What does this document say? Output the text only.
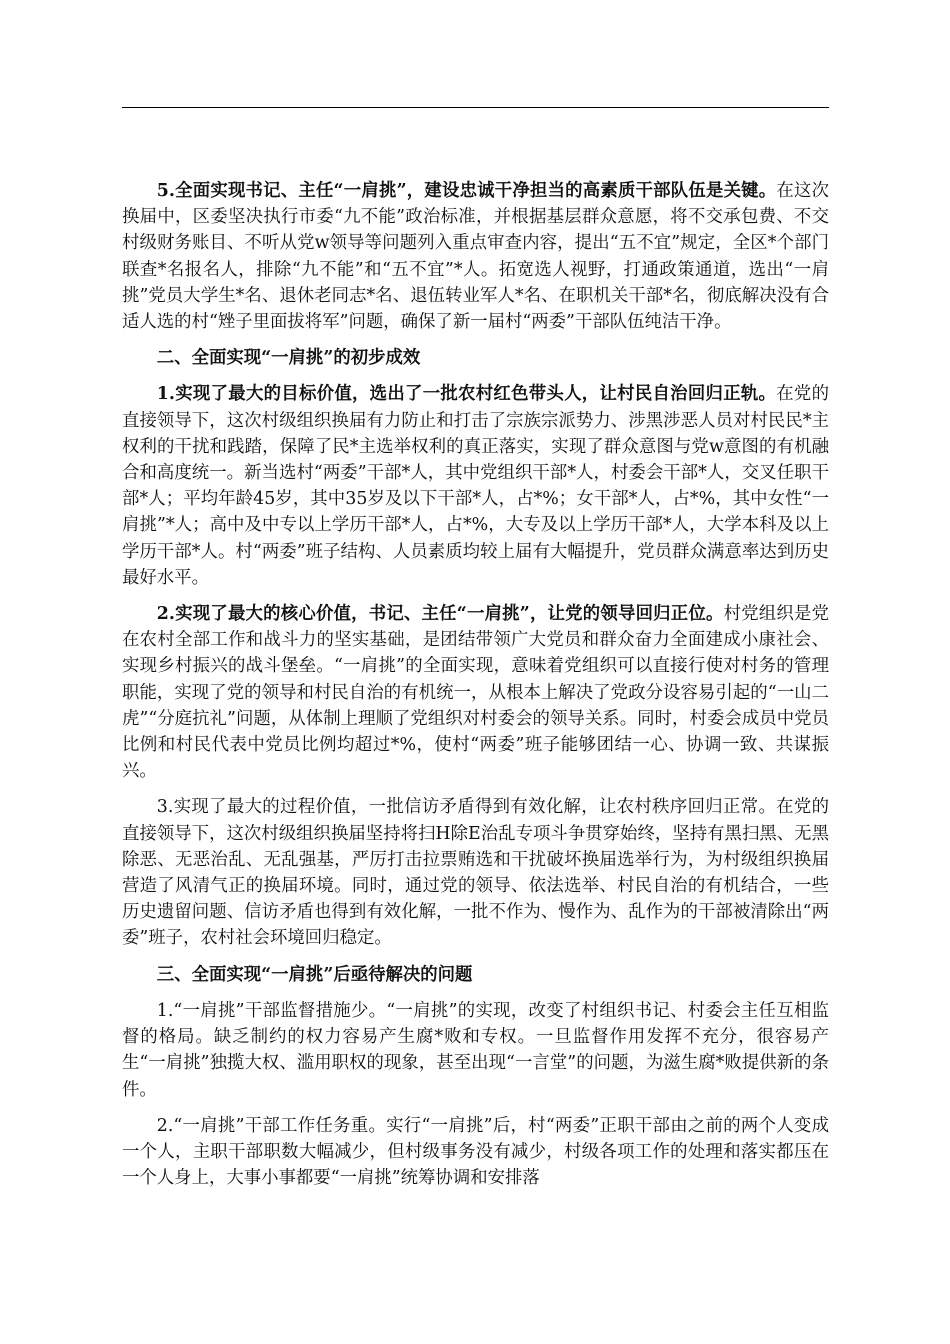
5.全面实现书记、主任“一肩挑”，建设忠诚干净担当的高素质干部队伍是关键。在这次换届中，区委坚决执行市委“九不能”政治标准，并根据基层群众意愿，将不交承包费、不交村级财务账目、不听从党w领导等问题列入重点审查内容，提出“五不宜”规定，全区*个部门联查*名报名人，排除“九不能”和“五不宜”*人。拓宽选人视野，打通政策通道，选出“一肩挑”党员大学生*名、退休老同志*名、退伍转业军人*名、在职机关干部*名，彻底解决没有合适人选的村“矬子里面拔将军”问题，确保了新一届村“两委”干部队伍纯洁干净。

二、全面实现“一肩挑”的初步成效

1.实现了最大的目标价值，选出了一批农村红色带头人，让村民自治回归正轨。在党的直接领导下，这次村级组织换届有力防止和打击了宗族宗派势力、涉黑涉恶人员对村民民*主权利的干扰和践踏，保障了民*主选举权利的真正落实，实现了群众意图与党w意图的有机融合和高度统一。新当选村“两委”干部*人，其中党组织干部*人，村委会干部*人，交叉任职干部*人；平均年龄45岁，其中35岁及以下干部*人，占*%；女干部*人，占*%，其中女性“一肩挑”*人；高中及中专以上学历干部*人，占*%，大专及以上学历干部*人，大学本科及以上学历干部*人。村“两委”班子结构、人员素质均较上届有大幅提升，党员群众满意率达到历史最好水平。

2.实现了最大的核心价值，书记、主任“一肩挑”，让党的领导回归正位。村党组织是党在农村全部工作和战斗力的坚实基础，是团结带领广大党员和群众奋力全面建成小康社会、实现乡村振兴的战斗堡垒。“一肩挑”的全面实现，意味着党组织可以直接行使对村务的管理职能，实现了党的领导和村民自治的有机统一，从根本上解决了党政分设容易引起的“一山二虎”“分庭抗礼”问题，从体制上理顺了党组织对村委会的领导关系。同时，村委会成员中党员比例和村民代表中党员比例均超过*%，使村“两委”班子能够团结一心、协调一致、共谋振兴。

3.实现了最大的过程价值，一批信访矛盾得到有效化解，让农村秩序回归正常。在党的直接领导下，这次村级组织换届坚持将扫H除E治乱专项斗争贯穿始终，坚持有黑扫黑、无黑除恶、无恶治乱、无乱强基，严厉打击拉票贿选和干扰破坏换届选举行为，为村级组织换届营造了风清气正的换届环境。同时，通过党的领导、依法选举、村民自治的有机结合，一些历史遗留问题、信访矛盾也得到有效化解，一批不作为、慢作为、乱作为的干部被清除出“两委”班子，农村社会环境回归稳定。

三、全面实现“一肩挑”后亟待解决的问题

1.“一肩挑”干部监督措施少。“一肩挑”的实现，改变了村组织书记、村委会主任互相监督的格局。缺乏制约的权力容易产生腐*败和专权。一旦监督作用发挥不充分，很容易产生“一肩挑”独揽大权、滥用职权的现象，甚至出现“一言堂”的问题，为滋生腐*败提供新的条件。

2.“一肩挑”干部工作任务重。实行“一肩挑”后，村“两委”正职干部由之前的两个人变成一个人，主职干部职数大幅减少，但村级事务没有减少，村级各项工作的处理和落实都压在一个人身上，大事小事都要“一肩挑”统筹协调和安排落
